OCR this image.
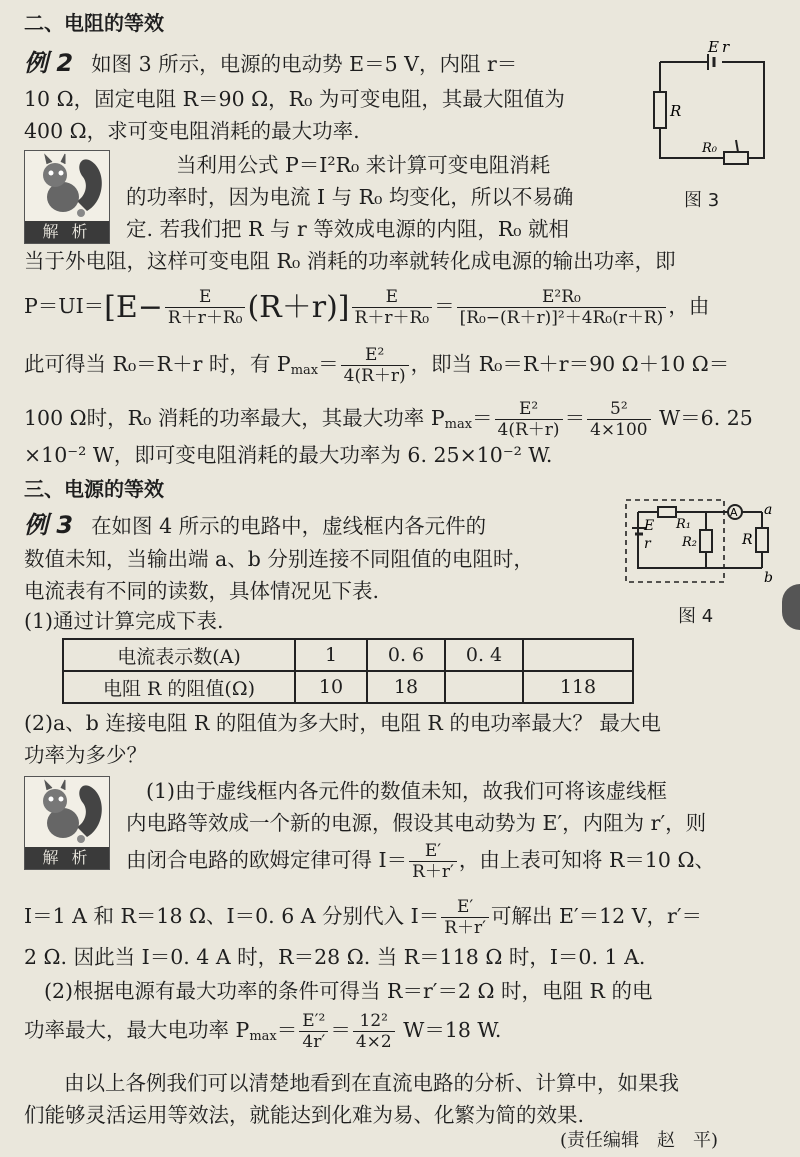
二、电阻的等效
例 2 如图 3 所示，电源的电动势 E＝5 V，内阻 r＝
10 Ω，固定电阻 R＝90 Ω，R₀ 为可变电阻，其最大阻值为
400 Ω，求可变电阻消耗的最大功率.
E r
R
R₀
图 3
解 析
当利用公式 P＝I²R₀ 来计算可变电阻消耗
的功率时，因为电流 I 与 R₀ 均变化，所以不易确
定. 若我们把 R 与 r 等效成电源的内阻，R₀ 就相
当于外电阻，这样可变电阻 R₀ 消耗的功率就转化成电源的输出功率，即
$P=UI=[E- \frac{E}{\text{R＋r＋R₀}} (R+r)] \frac{E}{\text{R＋r＋R₀}} = \frac{\text{E²R₀}}{\text{[R₀−(R＋r)]²＋4R₀(r＋R)}}$ ，由
此可得当 R₀＝R＋r 时，有 $P_{max}= \frac{\text{E²}}{4(R+r)}$ ，即当 R₀＝R＋r＝90 Ω＋10 Ω＝
100 Ω时，R₀ 消耗的功率最大，其最大功率 $P_{max}= \frac{\text{E²}}{4(R+r)} = \frac{\text{5²}}{4\times 100} W=6$. 25
×10⁻² W，即可变电阻消耗的最大功率为 6. 25×10⁻² W.
三、电源的等效
例 3 在如图 4 所示的电路中，虚线框内各元件的
数值未知，当输出端 a、b 分别连接不同阻值的电阻时，
电流表有不同的读数，具体情况见下表.
E
r
R₁
R₂
A
R
a
b
图 4
(1)通过计算完成下表.
电流表示数(A)	1	0. 6	0. 4	
电阻 R 的阻值(Ω)	10	18		118
(2)a、b 连接电阻 R 的阻值为多大时，电阻 R 的电功率最大？ 最大电
功率为多少？
解 析
(1)由于虚线框内各元件的数值未知，故我们可将该虚线框
内电路等效成一个新的电源，假设其电动势为 E′，内阻为 r′，则
由闭合电路的欧姆定律可得 $I= \frac{E'}{R+r'}$ ，由上表可知将 R＝10 Ω、
I＝1 A 和 R＝18 Ω、I＝0. 6 A 分别代入 $I= \frac{E'}{R+r'}$ 可解出 E′＝12 V，r′＝
2 Ω. 因此当 I＝0. 4 A 时，R＝28 Ω. 当 R＝118 Ω 时，I＝0. 1 A.
(2)根据电源有最大功率的条件可得当 R＝r′＝2 Ω 时，电阻 R 的电
功率最大，最大电功率 $P_{max}= \frac{\text{E′²}}{4r'} = \frac{\text{12²}}{4\times 2} W=18$ W.
由以上各例我们可以清楚地看到在直流电路的分析、计算中，如果我
们能够灵活运用等效法，就能达到化难为易、化繁为简的效果.
(责任编辑　赵　平)
